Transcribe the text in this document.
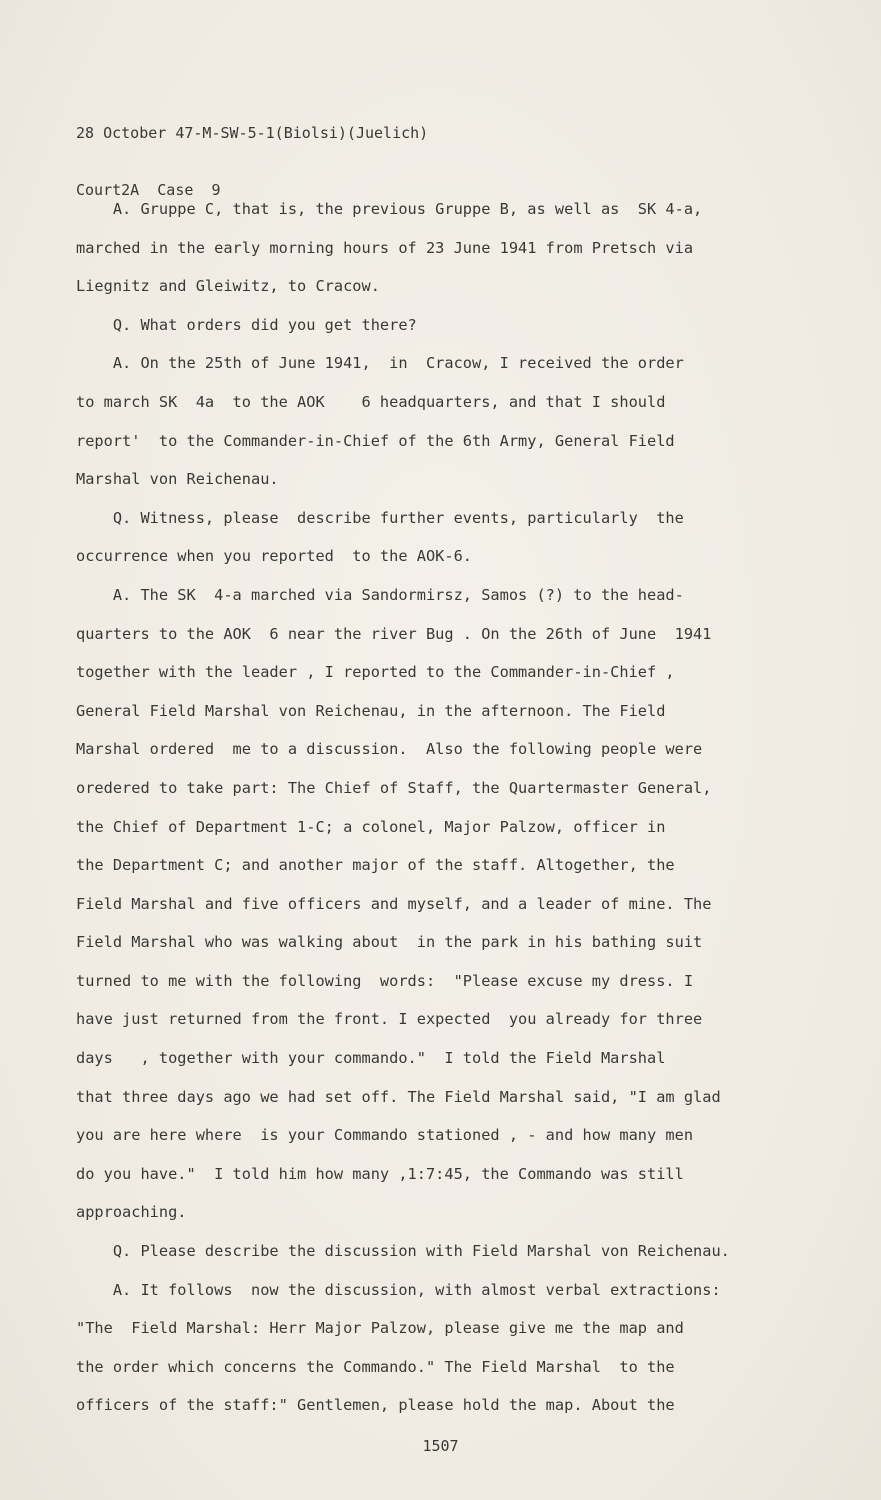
28 October 47-M-SW-5-1(Biolsi)(Juelich)

Court2A  Case  9

A. Gruppe C, that is, the previous Gruppe B, as well as  SK 4-a,
marched in the early morning hours of 23 June 1941 from Pretsch via
Liegnitz and Gleiwitz, to Cracow.
Q. What orders did you get there?
A. On the 25th of June 1941,  in  Cracow, I received the order
to march SK  4a  to the AOK    6 headquarters, and that I should
report'  to the Commander-in-Chief of the 6th Army, General Field
Marshal von Reichenau.
Q. Witness, please  describe further events, particularly  the
occurrence when you reported  to the AOK-6.
A. The SK  4-a marched via Sandormirsz, Samos (?) to the head-
quarters to the AOK  6 near the river Bug . On the 26th of June  1941
together with the leader , I reported to the Commander-in-Chief ,
General Field Marshal von Reichenau, in the afternoon. The Field
Marshal ordered  me to a discussion.  Also the following people were
oredered to take part: The Chief of Staff, the Quartermaster General,
the Chief of Department 1-C; a colonel, Major Palzow, officer in
the Department C; and another major of the staff. Altogether, the
Field Marshal and five officers and myself, and a leader of mine. The
Field Marshal who was walking about  in the park in his bathing suit
turned to me with the following  words:  "Please excuse my dress. I
have just returned from the front. I expected  you already for three
days   , together with your commando."  I told the Field Marshal
that three days ago we had set off. The Field Marshal said, "I am glad
you are here where  is your Commando stationed , - and how many men
do you have."  I told him how many ,1:7:45, the Commando was still
approaching.
Q. Please describe the discussion with Field Marshal von Reichenau.
A. It follows  now the discussion, with almost verbal extractions:
"The  Field Marshal: Herr Major Palzow, please give me the map and
the order which concerns the Commando." The Field Marshal  to the
officers of the staff:" Gentlemen, please hold the map. About the
1507
